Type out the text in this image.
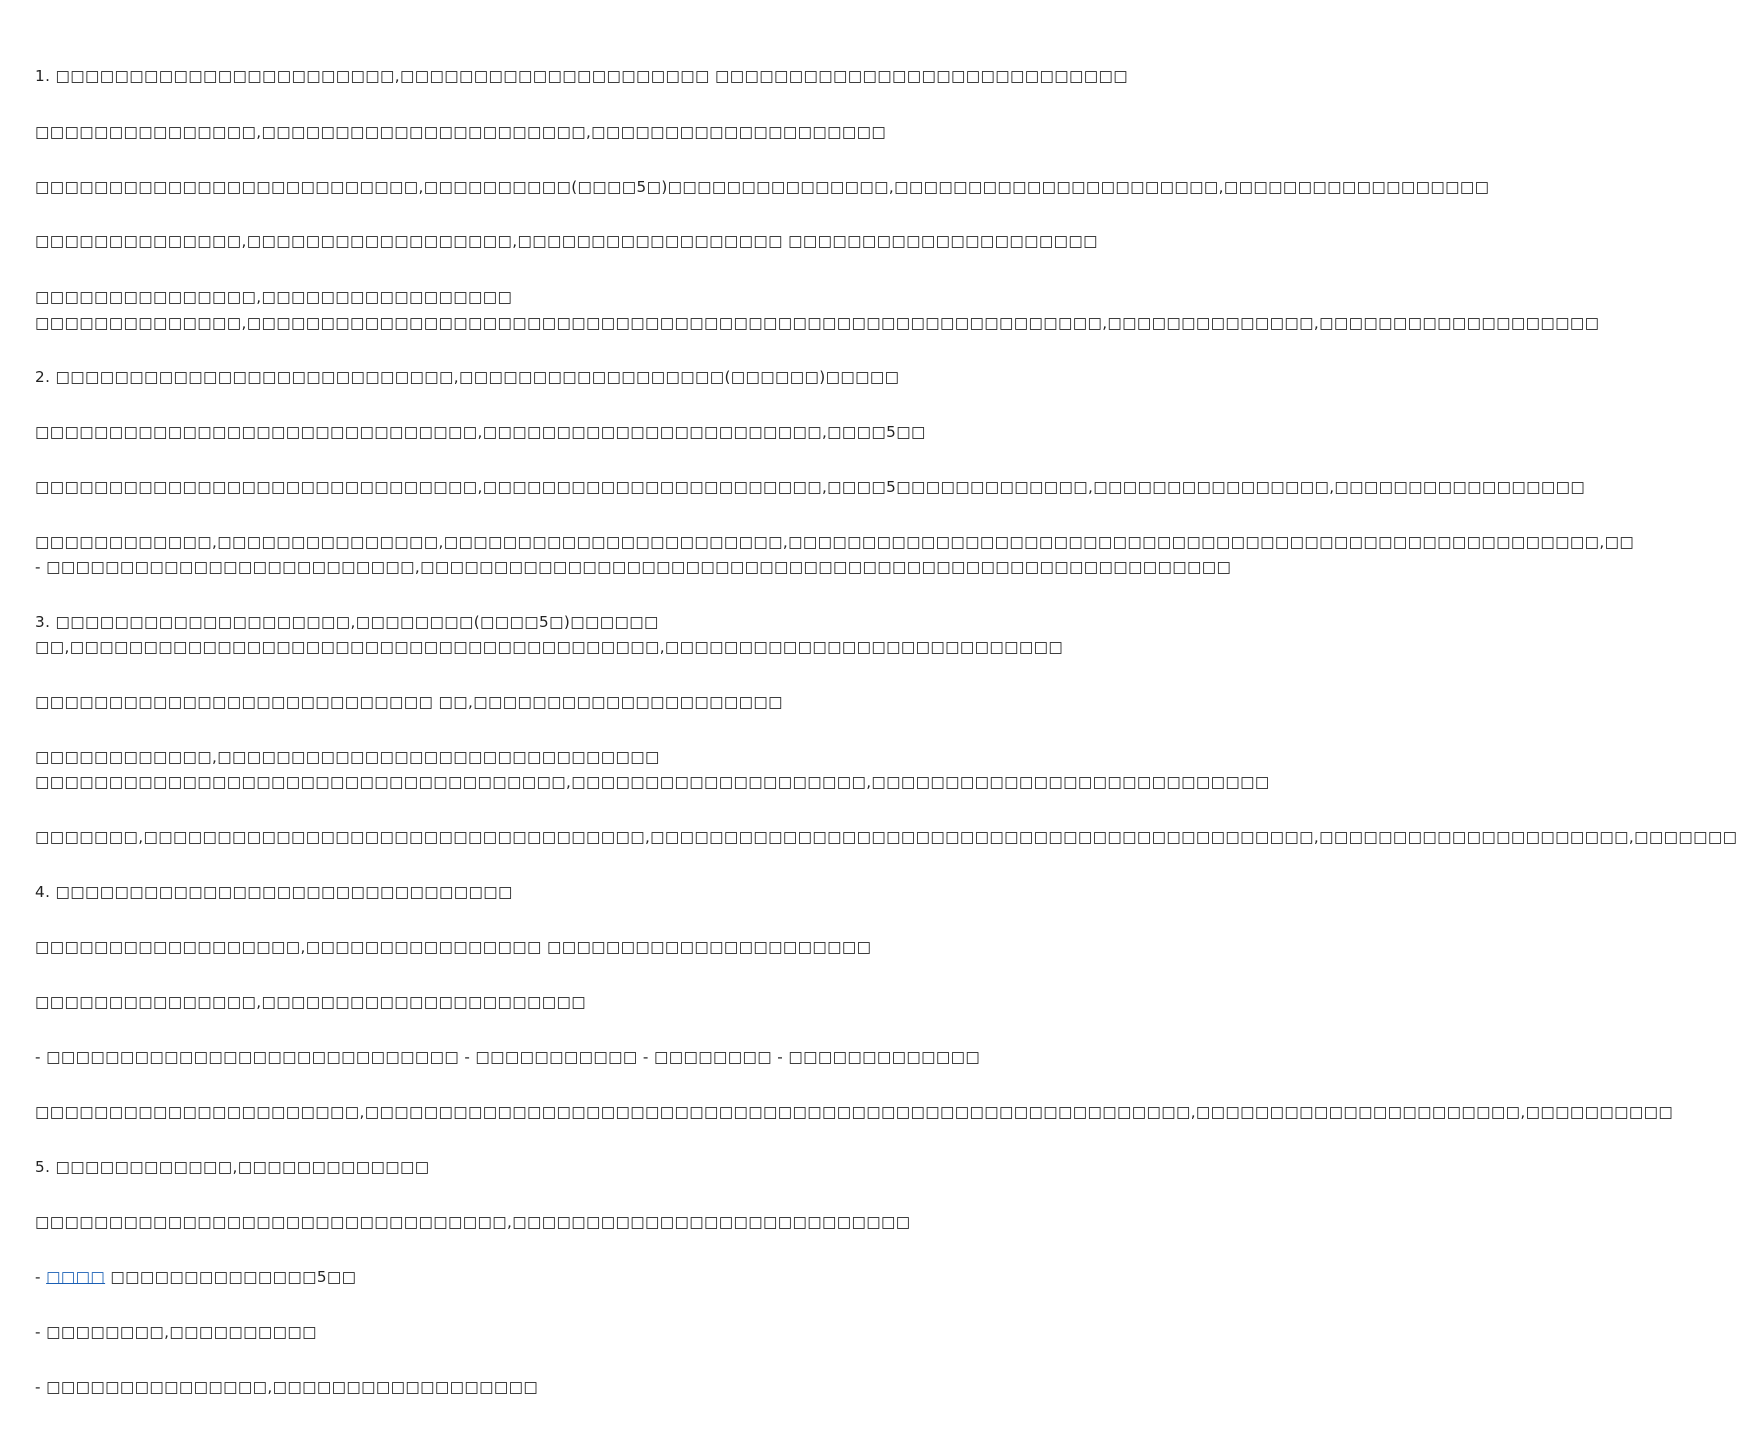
1. □□□□□□□□□□□□□□□□□□□□□□□,□□□□□□□□□□□□□□□□□□□□□ □□□□□□□□□□□□□□□□□□□□□□□□□□□□
□□□□□□□□□□□□□□□,□□□□□□□□□□□□□□□□□□□□□□,□□□□□□□□□□□□□□□□□□□□
□□□□□□□□□□□□□□□□□□□□□□□□□□,□□□□□□□□□□(□□□□5□)□□□□□□□□□□□□□□□,□□□□□□□□□□□□□□□□□□□□□□,□□□□□□□□□□□□□□□□□□
□□□□□□□□□□□□□□,□□□□□□□□□□□□□□□□□□,□□□□□□□□□□□□□□□□□□ □□□□□□□□□□□□□□□□□□□□□
□□□□□□□□□□□□□□□,□□□□□□□□□□□□□□□□□
□□□□□□□□□□□□□□,□□□□□□□□□□□□□□□□□□□□□□□□□□□□□□□□□□□□□□□□□□□□□□□□□□□□□□□□□□,□□□□□□□□□□□□□□,□□□□□□□□□□□□□□□□□□□
2. □□□□□□□□□□□□□□□□□□□□□□□□□□□,□□□□□□□□□□□□□□□□□□(□□□□□□)□□□□□
□□□□□□□□□□□□□□□□□□□□□□□□□□□□□□,□□□□□□□□□□□□□□□□□□□□□□□,□□□□5□□
□□□□□□□□□□□□□□□□□□□□□□□□□□□□□□,□□□□□□□□□□□□□□□□□□□□□□□,□□□□5□□□□□□□□□□□□□,□□□□□□□□□□□□□□□□,□□□□□□□□□□□□□□□□□
□□□□□□□□□□□□,□□□□□□□□□□□□□□□,□□□□□□□□□□□□□□□□□□□□□□□,□□□□□□□□□□□□□□□□□□□□□□□□□□□□□□□□□□□□□□□□□□□□□□□□□□□□□□□,□□
- □□□□□□□□□□□□□□□□□□□□□□□□□,□□□□□□□□□□□□□□□□□□□□□□□□□□□□□□□□□□□□□□□□□□□□□□□□□□□□□□□
3. □□□□□□□□□□□□□□□□□□□□,□□□□□□□□(□□□□5□)□□□□□□
□□,□□□□□□□□□□□□□□□□□□□□□□□□□□□□□□□□□□□□□□□□,□□□□□□□□□□□□□□□□□□□□□□□□□□□
□□□□□□□□□□□□□□□□□□□□□□□□□□□ □□,□□□□□□□□□□□□□□□□□□□□□
□□□□□□□□□□□□,□□□□□□□□□□□□□□□□□□□□□□□□□□□□□□
□□□□□□□□□□□□□□□□□□□□□□□□□□□□□□□□□□□□,□□□□□□□□□□□□□□□□□□□□,□□□□□□□□□□□□□□□□□□□□□□□□□□□
□□□□□□□,□□□□□□□□□□□□□□□□□□□□□□□□□□□□□□□□□□,□□□□□□□□□□□□□□□□□□□□□□□□□□□□□□□□□□□□□□□□□□□□□,□□□□□□□□□□□□□□□□□□□□□,□□□□□□□
4. □□□□□□□□□□□□□□□□□□□□□□□□□□□□□□□
□□□□□□□□□□□□□□□□□□,□□□□□□□□□□□□□□□□ □□□□□□□□□□□□□□□□□□□□□□
□□□□□□□□□□□□□□□,□□□□□□□□□□□□□□□□□□□□□□
- □□□□□□□□□□□□□□□□□□□□□□□□□□□□ - □□□□□□□□□□□ - □□□□□□□□ - □□□□□□□□□□□□□
□□□□□□□□□□□□□□□□□□□□□□,□□□□□□□□□□□□□□□□□□□□□□□□□□□□□□□□□□□□□□□□□□□□□□□□□□□□□□□□,□□□□□□□□□□□□□□□□□□□□□□,□□□□□□□□□□
5. □□□□□□□□□□□□,□□□□□□□□□□□□□
□□□□□□□□□□□□□□□□□□□□□□□□□□□□□□□□,□□□□□□□□□□□□□□□□□□□□□□□□□□□
- □□□□ □□□□□□□□□□□□□□5□□
- □□□□□□□□,□□□□□□□□□□
- □□□□□□□□□□□□□□□,□□□□□□□□□□□□□□□□□□
